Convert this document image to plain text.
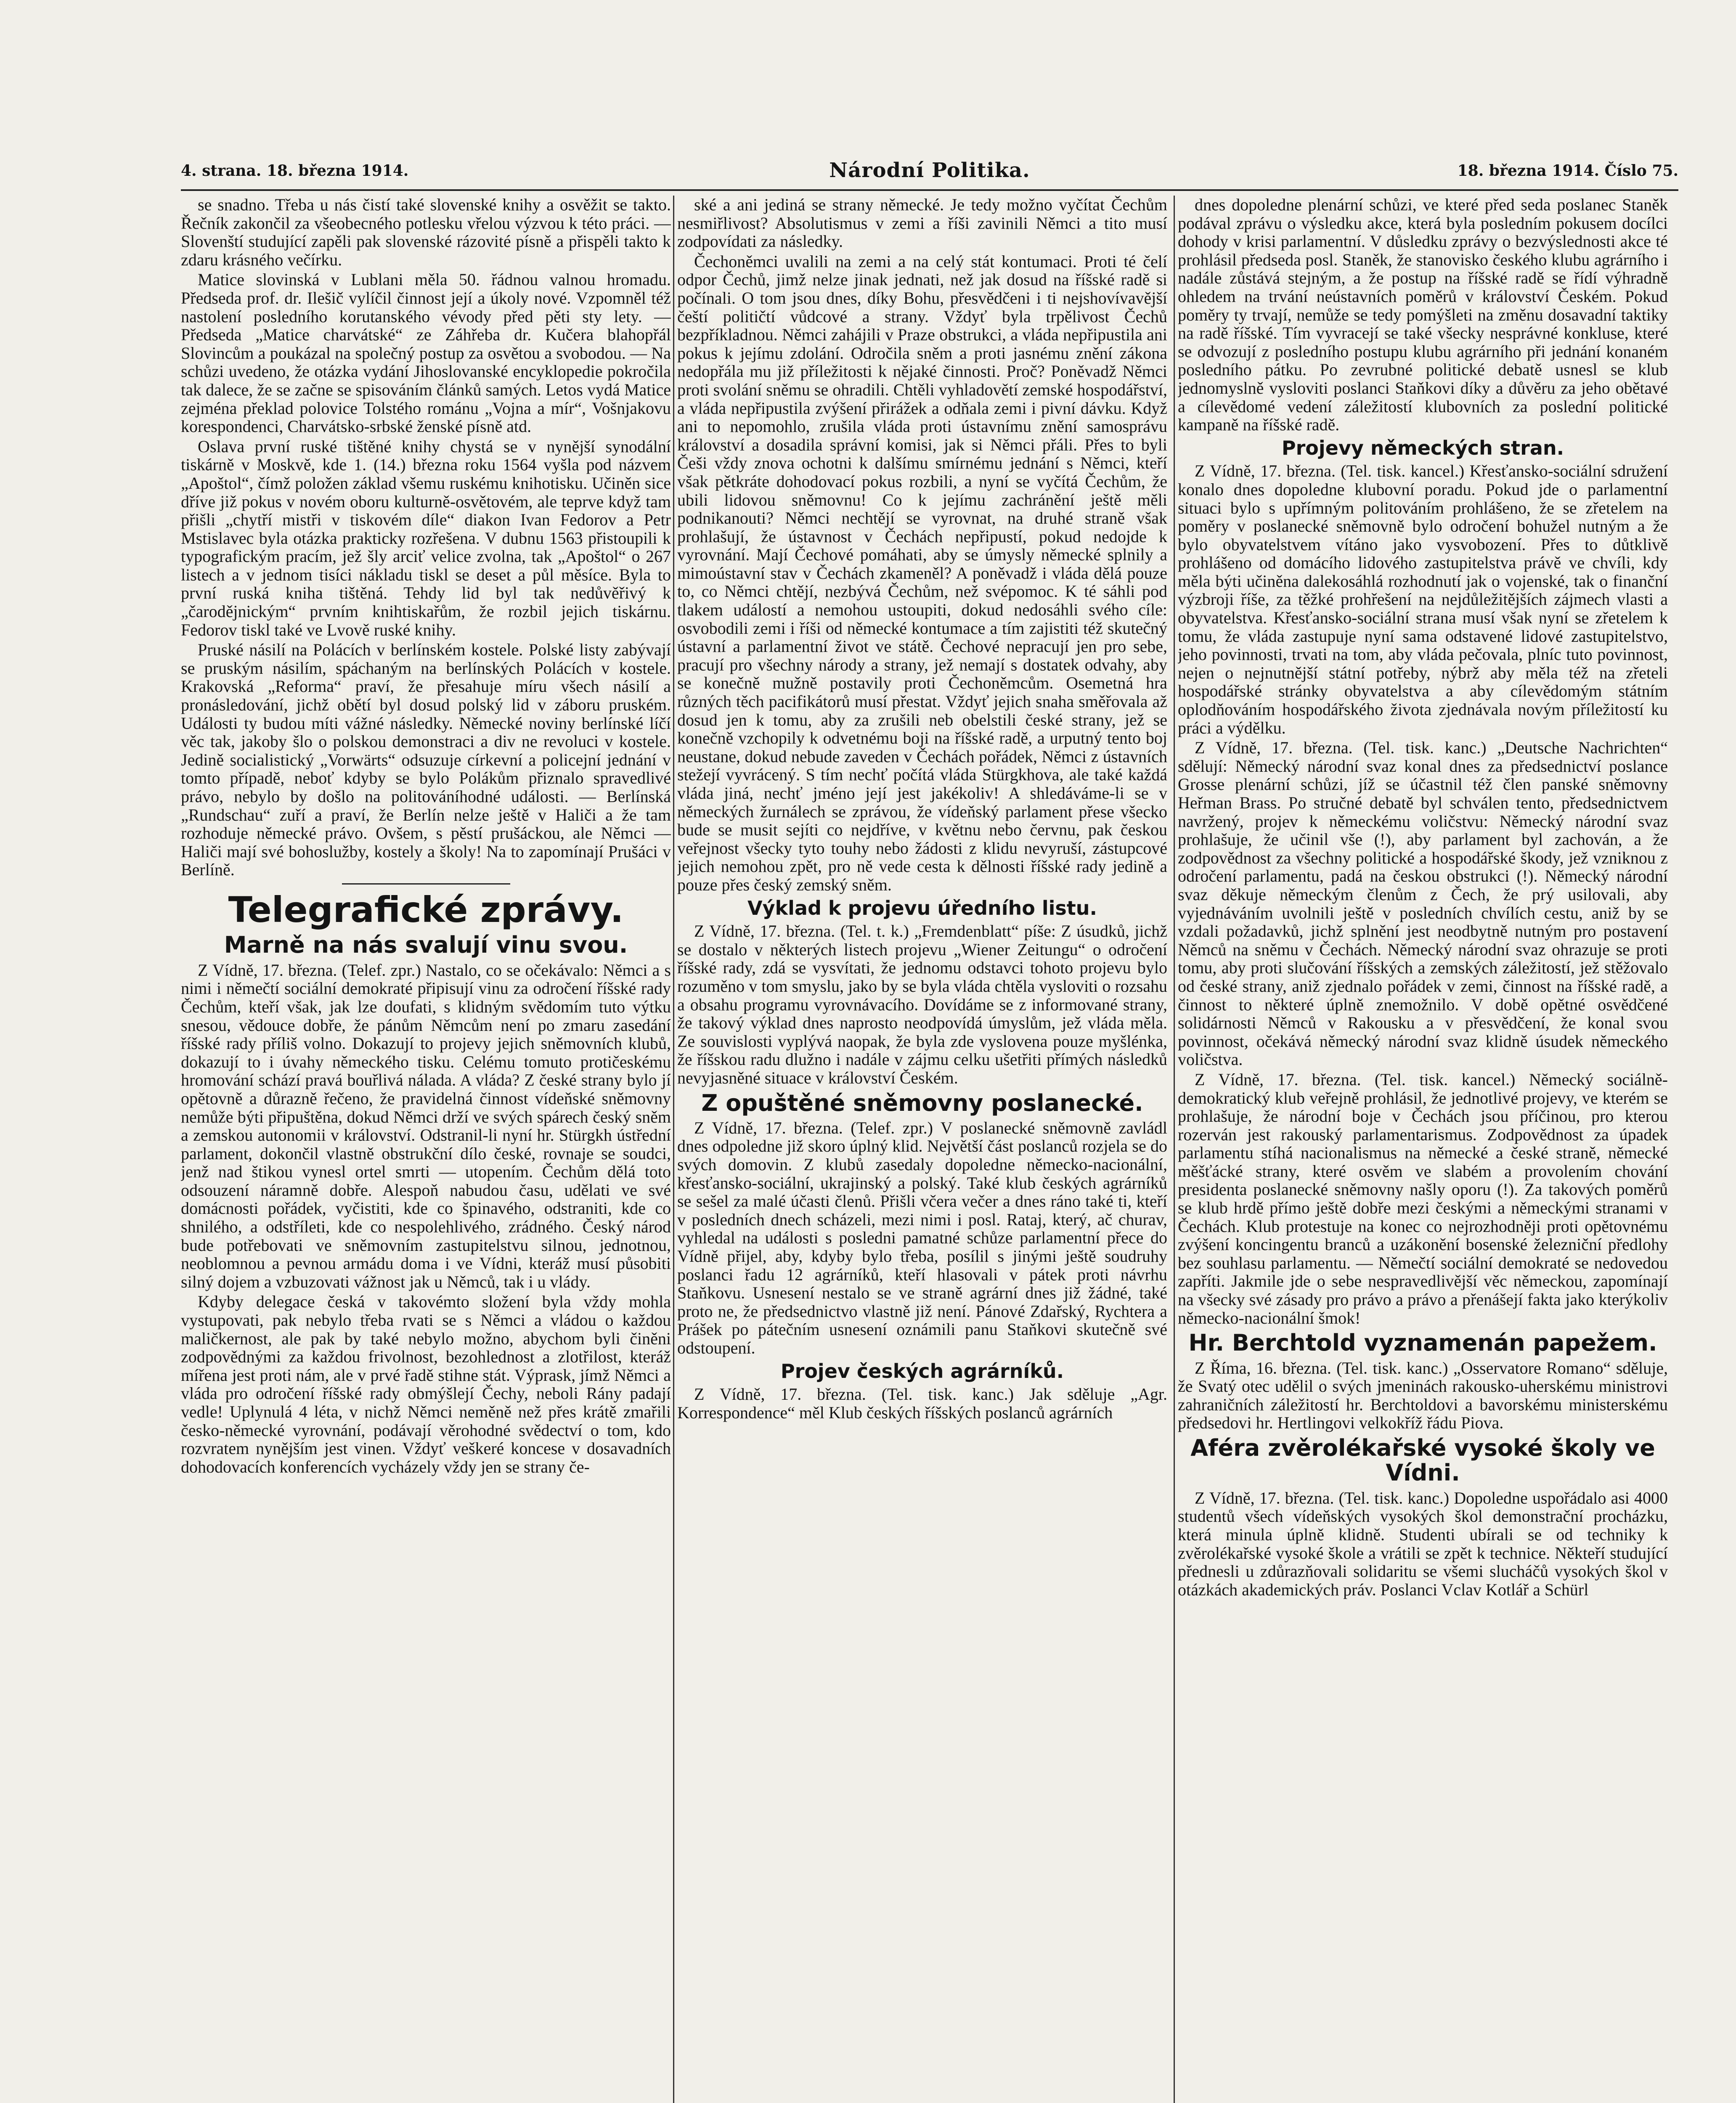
4. strana. 18. března 1914.	Národní Politika.	18. března 1914. Číslo 75.

se snadno. Třeba u nás čistí také slovenské knihy a osvěžit se takto. Řečník zakončil za všeobecného potlesku vřelou výzvou k této práci. — Slovenští studující zapěli pak slovenské rázovité písně a přispěli takto k zdaru krásného večírku.

Matice slovinská v Lublani měla 50. řádnou valnou hromadu. Předseda prof. dr. Ilešič vylíčil činnost její a úkoly nové. Vzpomněl též nastolení posledního korutanského vévody před pěti sty lety. — Předseda „Matice charvátské“ ze Záhřeba dr. Kučera blahopřál Slovincům a poukázal na společný postup za osvětou a svobodou. — Na schůzi uvedeno, že otázka vydání Jihoslovanské encyklopedie pokročila tak dalece, že se začne se spisováním článků samých. Letos vydá Matice zejména překlad polovice Tolstého románu „Vojna a mír“, Vošnjakovu korespondenci, Charvátsko-srbské ženské písně atd.

Oslava první ruské tištěné knihy chystá se v nynější synodální tiskárně v Moskvě, kde 1. (14.) března roku 1564 vyšla pod názvem „Apoštol“, čímž položen základ všemu ruskému knihotisku. Učiněn sice dříve již pokus v novém oboru kulturně-osvětovém, ale teprve když tam přišli „chytří mistři v tiskovém díle“ diakon Ivan Fedorov a Petr Mstislavec byla otázka prakticky rozřešena. V dubnu 1563 přistoupili k typografickým pracím, jež šly arciť velice zvolna, tak „Apoštol“ o 267 listech a v jednom tisíci nákladu tiskl se deset a půl měsíce. Byla to první ruská kniha tištěná. Tehdy lid byl tak nedůvěřivý k „čarodějnickým“ prvním knihtiskařům, že rozbil jejich tiskárnu. Fedorov tiskl také ve Lvově ruské knihy.

Pruské násilí na Polácích v berlínském kostele. Polské listy zabývají se pruským násilím, spáchaným na berlínských Polácích v kostele. Krakovská „Reforma“ praví, že přesahuje míru všech násilí a pronásledování, jichž obětí byl dosud polský lid v záboru pruském. Události ty budou míti vážné následky. Německé noviny berlínské líčí věc tak, jakoby šlo o polskou demonstraci a div ne revoluci v kostele. Jedině socialistický „Vorwärts“ odsuzuje církevní a policejní jednání v tomto případě, neboť kdyby se bylo Polákům přiznalo spravedlivé právo, nebylo by došlo na politováníhodné události. — Berlínská „Rundschau“ zuří a praví, že Berlín nelze ještě v Haliči a že tam rozhoduje německé právo. Ovšem, s pěstí prušáckou, ale Němci — Haliči mají své bohoslužby, kostely a školy! Na to zapomínají Prušáci v Berlíně.

Telegrafické zprávy.
Marně na nás svalují vinu svou.

Z Vídně, 17. března. (Telef. zpr.) Nastalo, co se očekávalo: Němci a s nimi i němečtí sociální demokraté připisují vinu za odročení říšské rady Čechům, kteří však, jak lze doufati, s klidným svědomím tuto výtku snesou, vědouce dobře, že pánům Němcům není po zmaru zasedání říšské rady příliš volno. Dokazují to projevy jejich sněmovních klubů, dokazují to i úvahy německého tisku. Celému tomuto protičeskému hromování schází pravá bouřlivá nálada. A vláda? Z české strany bylo jí opětovně a důrazně řečeno, že pravidelná činnost vídeňské sněmovny nemůže býti připuštěna, dokud Němci drží ve svých spárech český sněm a zemskou autonomii v království. Odstranil-li nyní hr. Stürgkh ústřední parlament, dokončil vlastně obstrukční dílo české, rovnaje se soudci, jenž nad štikou vynesl ortel smrti — utopením. Čechům dělá toto odsouzení náramně dobře. Alespoň nabudou času, udělati ve své domácnosti pořádek, vyčistiti, kde co špinavého, odstraniti, kde co shnilého, a odstříleti, kde co nespolehlivého, zrádného. Český národ bude potřebovati ve sněmovním zastupitelstvu silnou, jednotnou, neoblomnou a pevnou armádu doma i ve Vídni, kteráž musí působiti silný dojem a vzbuzovati vážnost jak u Němců, tak i u vlády.

Kdyby delegace česká v takovémto složení byla vždy mohla vystupovati, pak nebylo třeba rvati se s Němci a vládou o každou maličkernost, ale pak by také nebylo možno, abychom byli činěni zodpovědnými za každou frivolnost, bezohlednost a zlotřilost, kteráž mířena jest proti nám, ale v prvé řadě stihne stát. Výprask, jímž Němci a vláda pro odročení říšské rady obmýšlejí Čechy, neboli Rány padají vedle! Uplynulá 4 léta, v nichž Němci neměně než přes krátě zmařili česko-německé vyrovnání, podávají věrohodné svědectví o tom, kdo rozvratem nynějším jest vinen. Vždyť veškeré koncese v dosavadních dohodovacích konferencích vycházely vždy jen se strany če-

ské a ani jediná se strany německé. Je tedy možno vyčítat Čechům nesmiřlivost? Absolutismus v zemi a říši zavinili Němci a tito musí zodpovídati za následky.

Čechoněmci uvalili na zemi a na celý stát kontumaci. Proti té čelí odpor Čechů, jimž nelze jinak jednati, než jak dosud na říšské radě si počínali. O tom jsou dnes, díky Bohu, přesvědčeni i ti nejshovívavější čeští političtí vůdcové a strany. Vždyť byla trpělivost Čechů bezpříkladnou. Němci zahájili v Praze obstrukci, a vláda nepřipustila ani pokus k jejímu zdolání. Odročila sněm a proti jasnému znění zákona nedopřála mu již příležitosti k nějaké činnosti. Proč? Poněvadž Němci proti svolání sněmu se ohradili. Chtěli vyhladovětí zemské hospodářství, a vláda nepřipustila zvýšení přirážek a odňala zemi i pivní dávku. Když ani to nepomohlo, zrušila vláda proti ústavnímu znění samosprávu království a dosadila správní komisi, jak si Němci přáli. Přes to byli Češi vždy znova ochotni k dalšímu smírnému jednání s Němci, kteří však pětkráte dohodovací pokus rozbili, a nyní se vyčítá Čechům, že ubili lidovou sněmovnu! Co k jejímu zachránění ještě měli podnikanouti? Němci nechtějí se vyrovnat, na druhé straně však prohlašují, že ústavnost v Čechách nepřipustí, pokud nedojde k vyrovnání. Mají Čechové pomáhati, aby se úmysly německé splnily a mimoústavní stav v Čechách zkameněl? A poněvadž i vláda dělá pouze to, co Němci chtějí, nezbývá Čechům, než svépomoc. K té sáhli pod tlakem událostí a nemohou ustoupiti, dokud nedosáhli svého cíle: osvobodili zemi i říši od německé kontumace a tím zajistiti též skutečný ústavní a parlamentní život ve státě. Čechové nepracují jen pro sebe, pracují pro všechny národy a strany, jež nemají s dostatek odvahy, aby se konečně mužně postavily proti Čechoněmcům. Osemetná hra různých těch pacifikátorů musí přestat. Vždyť jejich snaha směřovala až dosud jen k tomu, aby za zrušili neb obelstili české strany, jež se konečně vzchopily k odvetnému boji na říšské radě, a urputný tento boj neustane, dokud nebude zaveden v Čechách pořádek, Němci z ústavních stežejí vyvrácený. S tím nechť počítá vláda Stürgkhova, ale také každá vláda jiná, nechť jméno její jest jakékoliv! A shledáváme-li se v německých žurnálech se zprávou, že vídeňský parlament přese všecko bude se musit sejíti co nejdříve, v květnu nebo červnu, pak českou veřejnost všecky tyto touhy nebo žádosti z klidu nevyruší, zástupcové jejich nemohou zpět, pro ně vede cesta k dělnosti říšské rady jedině a pouze přes český zemský sněm.

Výklad k projevu úředního listu.

Z Vídně, 17. března. (Tel. t. k.) „Fremdenblatt“ píše: Z úsudků, jichž se dostalo v některých listech projevu „Wiener Zeitungu“ o odročení říšské rady, zdá se vysvítati, že jednomu odstavci tohoto projevu bylo rozuměno v tom smyslu, jako by se byla vláda chtěla vysloviti o rozsahu a obsahu programu vyrovnávacího. Dovídáme se z informované strany, že takový výklad dnes naprosto neodpovídá úmyslům, jež vláda měla. Ze souvislosti vyplývá naopak, že byla zde vyslovena pouze myšlénka, že říšskou radu dlužno i nadále v zájmu celku ušetřiti přímých následků nevyjasněné situace v království Českém.

Z opuštěné sněmovny poslanecké.

Z Vídně, 17. března. (Telef. zpr.) V poslanecké sněmovně zavládl dnes odpoledne již skoro úplný klid. Největší část poslanců rozjela se do svých domovin. Z klubů zasedaly dopoledne německo-nacionální, křesťansko-sociální, ukrajinský a polský. Také klub českých agrárníků se sešel za malé účasti členů. Přišli včera večer a dnes ráno také ti, kteří v posledních dnech scházeli, mezi nimi i posl. Rataj, který, ač churav, vyhledal na události s posledni pamatné schůze parlamentní přece do Vídně přijel, aby, kdyby bylo třeba, posílil s jinými ještě soudruhy poslanci řadu 12 agrárníků, kteří hlasovali v pátek proti návrhu Staňkovu. Usnesení nestalo se ve straně agrární dnes již žádné, také proto ne, že předsednictvo vlastně již není. Pánové Zdařský, Rychtera a Prášek po pátečním usnesení oznámili panu Staňkovi skutečně své odstoupení.

Projev českých agrárníků.

Z Vídně, 17. března. (Tel. tisk. kanc.) Jak sděluje „Agr. Korrespondence“ měl Klub českých říšských poslanců agrárních

dnes dopoledne plenární schůzi, ve které před seda poslanec Staněk podával zprávu o výsledku akce, která byla posledním pokusem docílci dohody v krisi parlamentní. V důsledku zprávy o bezvýslednosti akce té prohlásil předseda posl. Staněk, že stanovisko českého klubu agrárního i nadále zůstává stejným, a že postup na říšské radě se řídí výhradně ohledem na trvání neústavních poměrů v království Českém. Pokud poměry ty trvají, nemůže se tedy pomýšleti na změnu dosavadní taktiky na radě říšské. Tím vyvracejí se také všecky nesprávné konkluse, které se odvozují z posledního postupu klubu agrárního při jednání konaném posledního pátku. Po zevrubné politické debatě usnesl se klub jednomyslně vysloviti poslanci Staňkovi díky a důvěru za jeho obětavé a cílevědomé vedení záležitostí klubovních za poslední politické kampaně na říšské radě.

Projevy německých stran.

Z Vídně, 17. března. (Tel. tisk. kancel.) Křesťansko-sociální sdružení konalo dnes dopoledne klubovní poradu. Pokud jde o parlamentní situaci bylo s upřímným politováním prohlášeno, že se zřetelem na poměry v poslanecké sněmovně bylo odročení bohužel nutným a že bylo obyvatelstvem vítáno jako vysvobození. Přes to důtklivě prohlášeno od domácího lidového zastupitelstva právě ve chvíli, kdy měla býti učiněna dalekosáhlá rozhodnutí jak o vojenské, tak o finanční výzbroji říše, za těžké prohřešení na nejdůležitějších zájmech vlasti a obyvatelstva. Křesťansko-sociální strana musí však nyní se zřetelem k tomu, že vláda zastupuje nyní sama odstavené lidové zastupitelstvo, jeho povinnosti, trvati na tom, aby vláda pečovala, plníc tuto povinnost, nejen o nejnutnější státní potřeby, nýbrž aby měla též na zřeteli hospodářské stránky obyvatelstva a aby cílevědomým státním oplodňováním hospodářského života zjednávala novým příležitostí ku práci a výdělku.

Z Vídně, 17. března. (Tel. tisk. kanc.) „Deutsche Nachrichten“ sdělují: Německý národní svaz konal dnes za předsednictví poslance Grosse plenární schůzi, jíž se účastnil též člen panské sněmovny Heřman Brass. Po stručné debatě byl schválen tento, předsednictvem navržený, projev k německému voličstvu: Německý národní svaz prohlašuje, že učinil vše (!), aby parlament byl zachován, a že zodpovědnost za všechny politické a hospodářské škody, jež vzniknou z odročení parlamentu, padá na českou obstrukci (!). Německý národní svaz děkuje německým členům z Čech, že prý usilovali, aby vyjednáváním uvolnili ještě v posledních chvílích cestu, aniž by se vzdali požadavků, jichž splnění jest neodbytně nutným pro postavení Němců na sněmu v Čechách. Německý národní svaz ohrazuje se proti tomu, aby proti slučování říšských a zemských záležitostí, jež stěžovalo od české strany, aniž zjednalo pořádek v zemi, činnost na říšské radě, a činnost to některé úplně znemožnilo. V době opětné osvědčené solidárnosti Němců v Rakousku a v přesvědčení, že konal svou povinnost, očekává německý národní svaz klidně úsudek německého voličstva.

Z Vídně, 17. března. (Tel. tisk. kancel.) Německý sociálně-demokratický klub veřejně prohlásil, že jednotlivé projevy, ve kterém se prohlašuje, že národní boje v Čechách jsou příčinou, pro kterou rozerván jest rakouský parlamentarismus. Zodpovědnost za úpadek parlamentu stíhá nacionalismus na německé a české straně, německé měšťácké strany, které osvěm ve slabém a provolením chování presidenta poslanecké sněmovny našly oporu (!). Za takových poměrů se klub hrdě přímo ještě dobře mezi českými a německými stranami v Čechách. Klub protestuje na konec co nejrozhodněji proti opětovnému zvýšení koncingentu branců a uzákonění bosenské železniční předlohy bez souhlasu parlamentu. — Němečtí sociální demokraté se nedovedou zapříti. Jakmile jde o sebe nespravedlivější věc německou, zapomínají na všecky své zásady pro právo a právo a přenášejí fakta jako kterýkoliv německo-nacionální šmok!

Hr. Berchtold vyznamenán papežem.

Z Říma, 16. března. (Tel. tisk. kanc.) „Osservatore Romano“ sděluje, že Svatý otec udělil o svých jmeninách rakousko-uherskému ministrovi zahraničních záležitostí hr. Berchtoldovi a bavorskému ministerskému předsedovi hr. Hertlingovi velkokříž řádu Piova.

Aféra zvěrolékařské vysoké školy ve Vídni.

Z Vídně, 17. března. (Tel. tisk. kanc.) Dopoledne uspořádalo asi 4000 studentů všech vídeňských vysokých škol demonstrační procházku, která minula úplně klidně. Studenti ubírali se od techniky k zvěrolékařské vysoké škole a vrátili se zpět k technice. Někteří studující přednesli u zdůrazňovali solidaritu se všemi slucháčů vysokých škol v otázkách akademických práv. Poslanci Vclav Kotlář a Schürl
